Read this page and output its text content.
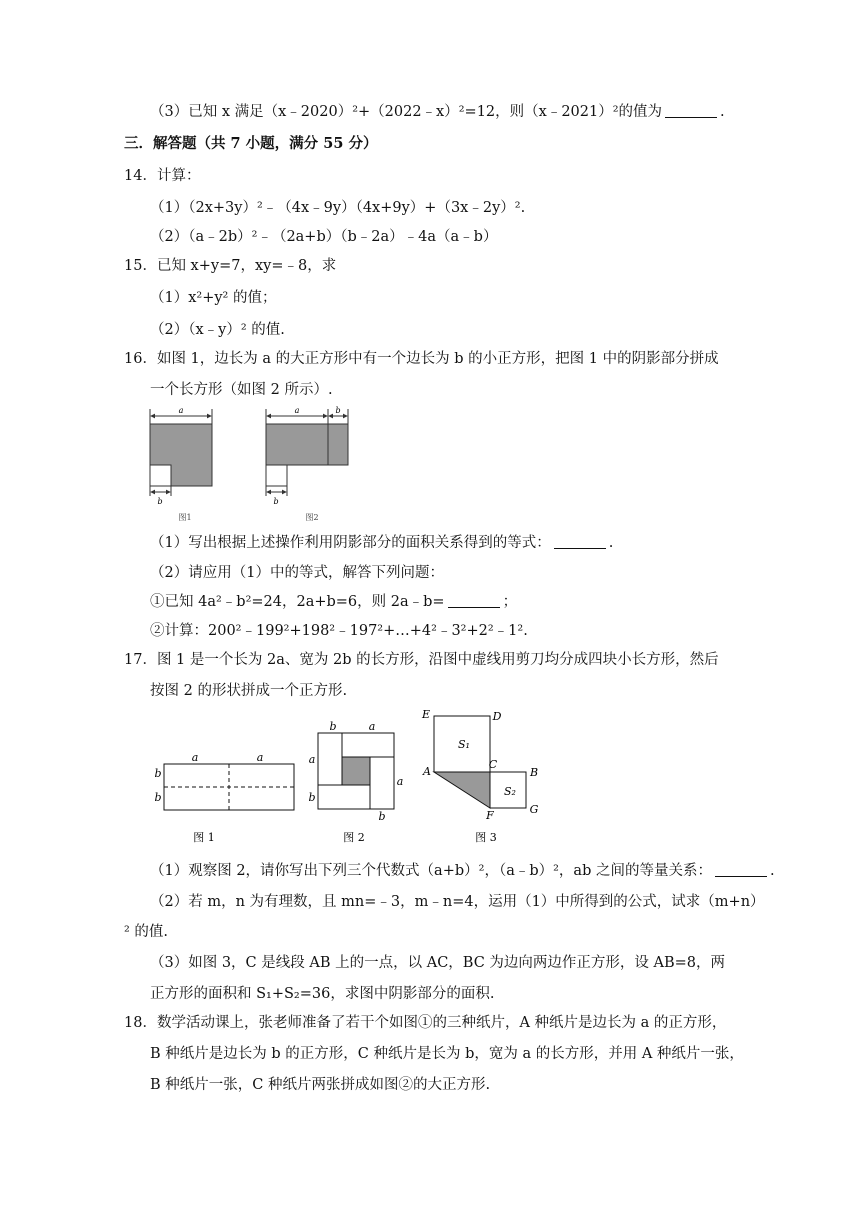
（3）已知 x 满足（x﹣2020）²+（2022﹣x）²=12，则（x﹣2021）²的值为	.
三．解答题（共 7 小题，满分 55 分）
14．计算：
（1）（2x+3y）²﹣（4x﹣9y）（4x+9y）+（3x﹣2y）².
（2）（a﹣2b）²﹣（2a+b）（b﹣2a）﹣4a（a﹣b）
15．已知 x+y=7，xy=﹣8，求
（1）x²+y² 的值；
（2）（x﹣y）² 的值.
16．如图 1，边长为 a 的大正方形中有一个边长为 b 的小正方形，把图 1 中的阴影部分拼成
一个长方形（如图 2 所示）.
a
b
图1
a	b
b
图2
（1）写出根据上述操作利用阴影部分的面积关系得到的等式：	.
（2）请应用（1）中的等式，解答下列问题：
①已知 4a²﹣b²=24，2a+b=6，则 2a﹣b=	；
②计算：200²﹣199²+198²﹣197²+…+4²﹣3²+2²﹣1².
17．图 1 是一个长为 2a、宽为 2b 的长方形，沿图中虚线用剪刀均分成四块小长方形，然后
按图 2 的形状拼成一个正方形.
a	a
b
b
图 1
b	a
a
a
b
b
图 2
E	D
A
C
B
F	G
S₁
S₂
图 3
（1）观察图 2，请你写出下列三个代数式（a+b）²，（a﹣b）²，ab 之间的等量关系：	.
（2）若 m，n 为有理数，且 mn=﹣3，m﹣n=4，运用（1）中所得到的公式，试求（m+n）
² 的值.
（3）如图 3，C 是线段 AB 上的一点，以 AC，BC 为边向两边作正方形，设 AB=8，两
正方形的面积和 S₁+S₂=36，求图中阴影部分的面积.
18．数学活动课上，张老师准备了若干个如图①的三种纸片，A 种纸片是边长为 a 的正方形，
B 种纸片是边长为 b 的正方形，C 种纸片是长为 b，宽为 a 的长方形，并用 A 种纸片一张，
B 种纸片一张，C 种纸片两张拼成如图②的大正方形.
